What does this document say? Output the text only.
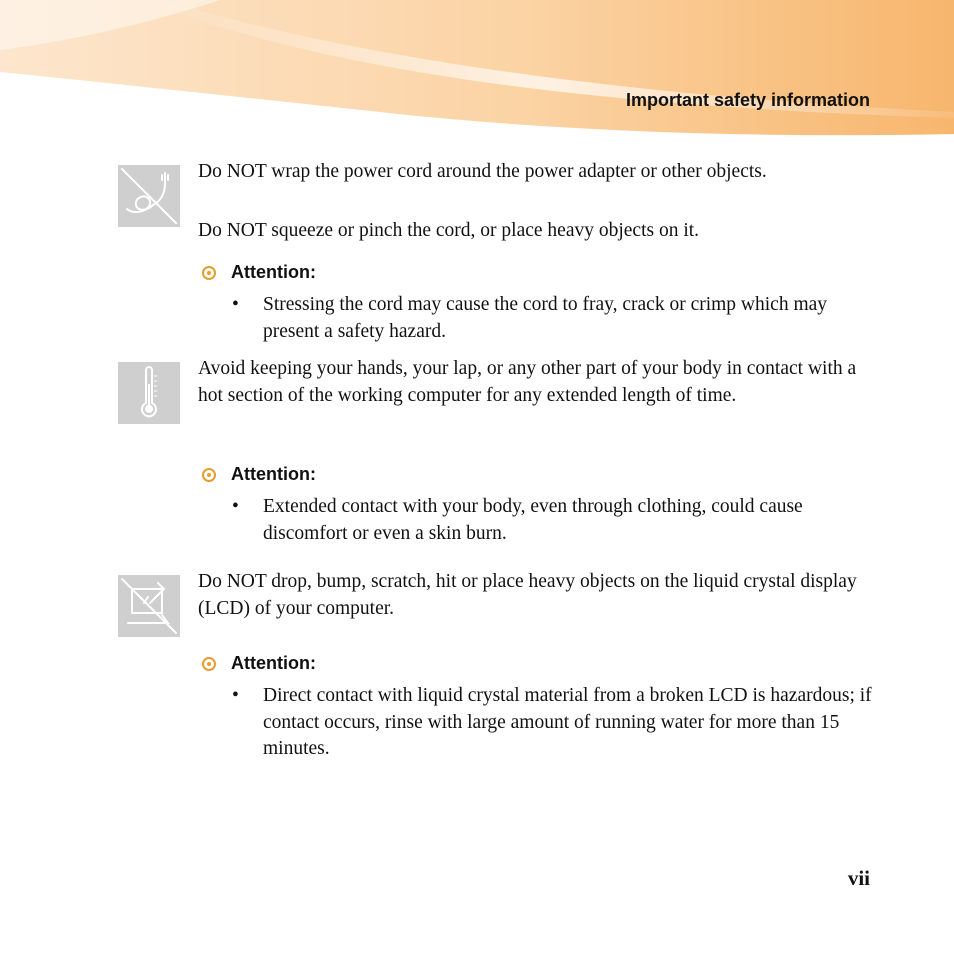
Important safety information

Do NOT wrap the power cord around the power adapter or other objects.

Do NOT squeeze or pinch the cord, or place heavy objects on it.

Attention:
•	Stressing the cord may cause the cord to fray, crack or crimp which may present a safety hazard.

Avoid keeping your hands, your lap, or any other part of your body in contact with a hot section of the working computer for any extended length of time.

Attention:
•	Extended contact with your body, even through clothing, could cause discomfort or even a skin burn.

Do NOT drop, bump, scratch, hit or place heavy objects on the liquid crystal display (LCD) of your computer.

Attention:
•	Direct contact with liquid crystal material from a broken LCD is hazardous; if contact occurs, rinse with large amount of running water for more than 15 minutes.
vii
